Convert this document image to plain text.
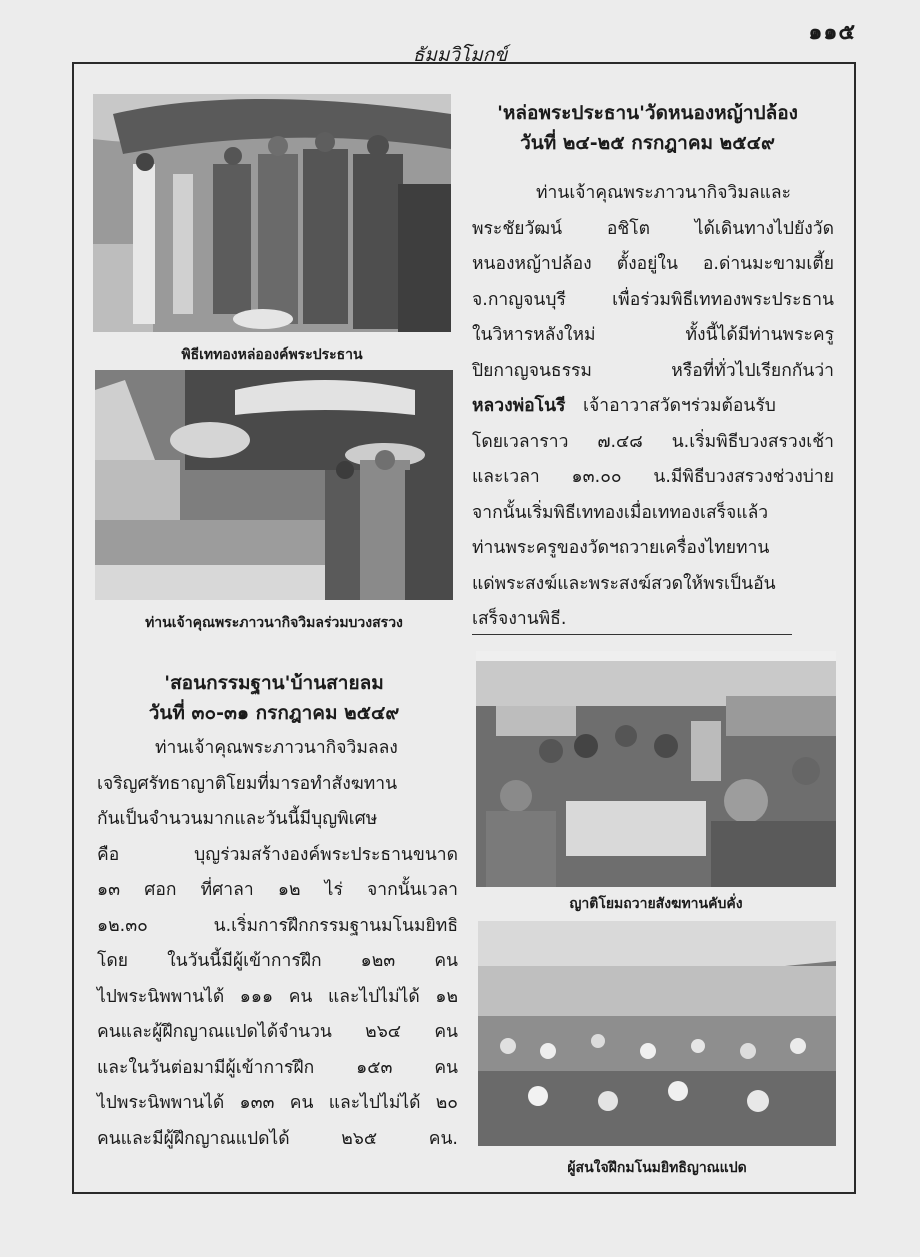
๑๑๕
ธัมมวิโมกข์
พิธีเททองหล่อองค์พระประธาน
ท่านเจ้าคุณพระภาวนากิจวิมลร่วมบวงสรวง
'หล่อพระประธาน'วัดหนองหญ้าปล้อง
วันที่ ๒๔-๒๕ กรกฎาคม ๒๕๔๙
ท่านเจ้าคุณพระภาวนากิจวิมลและ
พระชัยวัฒน์ อชิโต ได้เดินทางไปยังวัด
หนองหญ้าปล้อง ตั้งอยู่ใน อ.ด่านมะขามเตี้ย
จ.กาญจนบุรี เพื่อร่วมพิธีเททองพระประธาน
ในวิหารหลังใหม่ ทั้งนี้ได้มีท่านพระครู
ปิยกาญจนธรรม หรือที่ทั่วไปเรียกกันว่า
หลวงพ่อโนรี เจ้าอาวาสวัดฯร่วมต้อนรับ
โดยเวลาราว ๗.๔๘ น.เริ่มพิธีบวงสรวงเช้า
และเวลา ๑๓.๐๐ น.มีพิธีบวงสรวงช่วงบ่าย
จากนั้นเริ่มพิธีเททองเมื่อเททองเสร็จแล้ว
ท่านพระครูของวัดฯถวายเครื่องไทยทาน
แด่พระสงฆ์และพระสงฆ์สวดให้พรเป็นอัน
เสร็จงานพิธี.
ญาติโยมถวายสังฆทานคับคั่ง
'สอนกรรมฐาน'บ้านสายลม
วันที่ ๓๐-๓๑ กรกฎาคม ๒๕๔๙
ท่านเจ้าคุณพระภาวนากิจวิมลลง
เจริญศรัทธาญาติโยมที่มารอทำสังฆทาน
กันเป็นจำนวนมากและวันนี้มีบุญพิเศษ
คือ บุญร่วมสร้างองค์พระประธานขนาด
๑๓ ศอก ที่ศาลา ๑๒ ไร่ จากนั้นเวลา
๑๒.๓๐ น.เริ่มการฝึกกรรมฐานมโนมยิทธิ
โดย ในวันนี้มีผู้เข้าการฝึก ๑๒๓ คน
ไปพระนิพพานได้ ๑๑๑ คน และไปไม่ได้ ๑๒
คนและผู้ฝึกญาณแปดได้จำนวน ๒๖๔ คน
และในวันต่อมามีผู้เข้าการฝึก ๑๕๓ คน
ไปพระนิพพานได้ ๑๓๓ คน และไปไม่ได้ ๒๐
คนและมีผู้ฝึกญาณแปดได้ ๒๖๕ คน.
ผู้สนใจฝึกมโนมยิทธิญาณแปด
